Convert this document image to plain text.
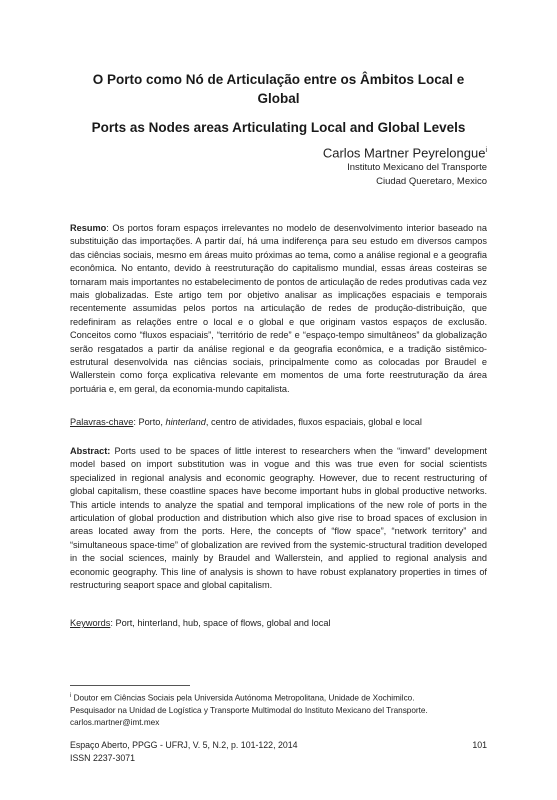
O Porto como Nó de Articulação entre os Âmbitos Local e Global
Ports as Nodes areas Articulating Local and Global Levels
Carlos Martner Peyrelongue$^i$
Instituto Mexicano del Transporte
Ciudad Queretaro, Mexico

Resumo: Os portos foram espaços irrelevantes no modelo de desenvolvimento interior baseado na substituição das importações. A partir daí, há uma indiferença para seu estudo em diversos campos das ciências sociais, mesmo em áreas muito próximas ao tema, como a análise regional e a geografia econômica. No entanto, devido à reestruturação do capitalismo mundial, essas áreas costeiras se tornaram mais importantes no estabelecimento de pontos de articulação de redes produtivas cada vez mais globalizadas. Este artigo tem por objetivo analisar as implicações espaciais e temporais recentemente assumidas pelos portos na articulação de redes de produção-distribuição, que redefiniram as relações entre o local e o global e que originam vastos espaços de exclusão. Conceitos como “fluxos espaciais”, “território de rede” e “espaço-tempo simultâneos” da globalização serão resgatados a partir da análise regional e da geografia econômica, e a tradição sistêmico-estrutural desenvolvida nas ciências sociais, principalmente como as colocadas por Braudel e Wallerstein como força explicativa relevante em momentos de uma forte reestruturação da área portuária e, em geral, da economia-mundo capitalista.

Palavras-chave: Porto, hinterland, centro de atividades, fluxos espaciais, global e local

Abstract: Ports used to be spaces of little interest to researchers when the “inward” development model based on import substitution was in vogue and this was true even for social scientists specialized in regional analysis and economic geography. However, due to recent restructuring of global capitalism, these coastline spaces have become important hubs in global productive networks. This article intends to analyze the spatial and temporal implications of the new role of ports in the articulation of global production and distribution which also give rise to broad spaces of exclusion in areas located away from the ports. Here, the concepts of “flow space”, “network territory” and “simultaneous space-time” of globalization are revived from the systemic-structural tradition developed in the social sciences, mainly by Braudel and Wallerstein, and applied to regional analysis and economic geography. This line of analysis is shown to have robust explanatory properties in times of restructuring seaport space and global capitalism.

Keywords: Port, hinterland, hub, space of flows, global and local
$^i$ Doutor em Ciências Sociais pela Universida Autónoma Metropolitana, Unidade de Xochimilco.
Pesquisador na Unidad de Logística y Transporte Multimodal do Instituto Mexicano del Transporte.
carlos.martner@imt.mex
Espaço Aberto, PPGG - UFRJ, V. 5, N.2, p. 101-122, 2014
ISSN 2237-3071
101
